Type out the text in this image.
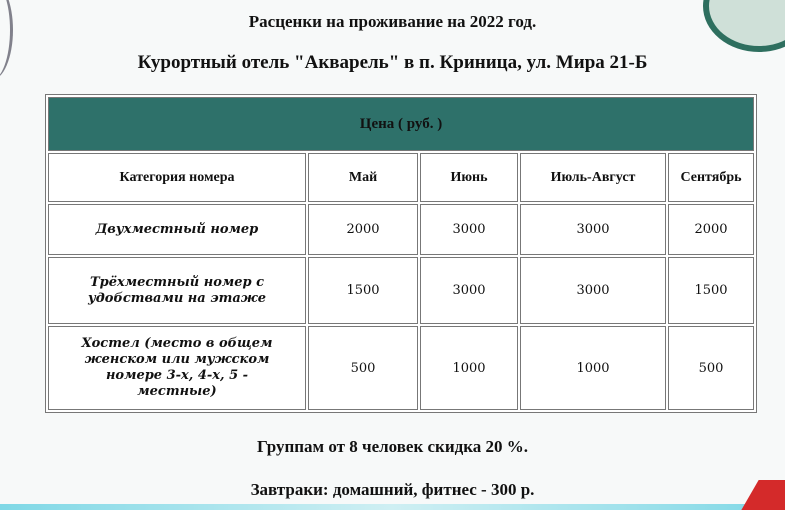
Расценки на проживание на 2022 год.
Курортный отель "Акварель" в п. Криница, ул. Мира 21-Б
Цена ( руб. )				
Категория номера	Май	Июнь	Июль-Август	Сентябрь
Двухместный номер	2000	3000	3000	2000
Трёхместный номер с удобствами на этаже	1500	3000	3000	1500
Хостел (место в общем женском или мужском номере 3-х, 4-х, 5 - местные)	500	1000	1000	500
Группам от 8 человек скидка 20 %.
Завтраки: домашний, фитнес - 300 р.
